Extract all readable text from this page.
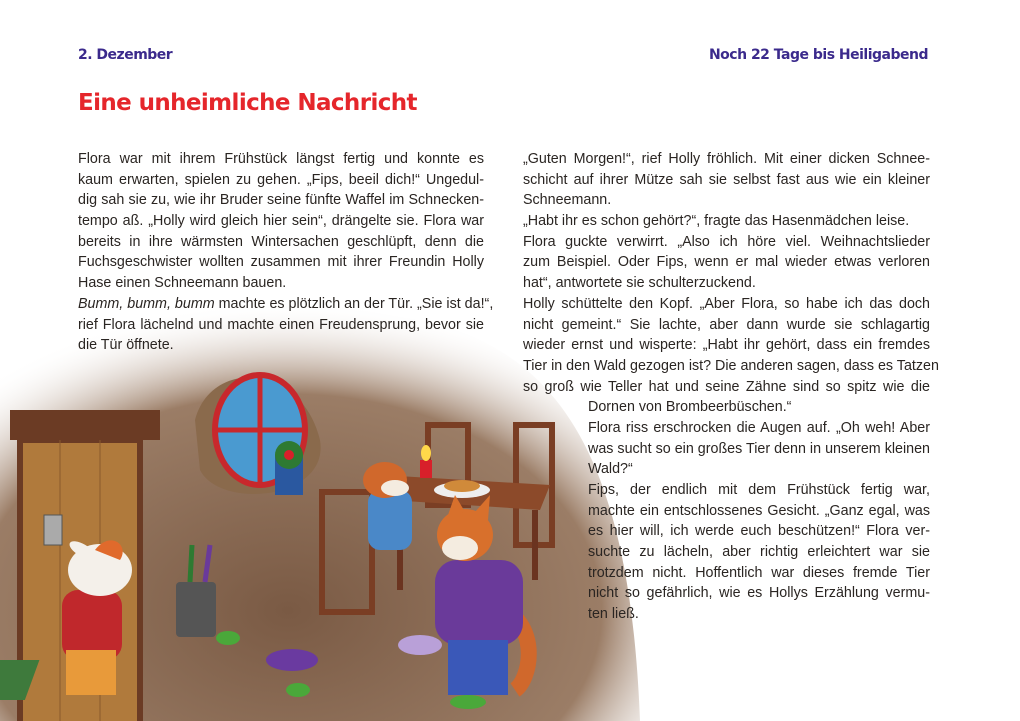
2. Dezember	Noch 22 Tage bis Heiligabend
Eine unheimliche Nachricht
Flora war mit ihrem Frühstück längst fertig und konnte es
kaum erwarten, spielen zu gehen. „Fips, beeil dich!“ Ungedul-
dig sah sie zu, wie ihr Bruder seine fünfte Waffel im Schnecken-
tempo aß. „Holly wird gleich hier sein“, drängelte sie. Flora war
bereits in ihre wärmsten Wintersachen geschlüpft, denn die
Fuchsgeschwister wollten zusammen mit ihrer Freundin Holly
Hase einen Schneemann bauen.
Bumm, bumm, bumm machte es plötzlich an der Tür. „Sie ist da!“,
rief Flora lächelnd und machte einen Freudensprung, bevor sie
die Tür öffnete.
„Guten Morgen!“, rief Holly fröhlich. Mit einer dicken Schnee-
schicht auf ihrer Mütze sah sie selbst fast aus wie ein kleiner
Schneemann.
„Habt ihr es schon gehört?“, fragte das Hasenmädchen leise.
Flora guckte verwirrt. „Also ich höre viel. Weihnachtslieder
zum Beispiel. Oder Fips, wenn er mal wieder etwas verloren
hat“, antwortete sie schulterzuckend.
Holly schüttelte den Kopf. „Aber Flora, so habe ich das doch
nicht gemeint.“ Sie lachte, aber dann wurde sie schlagartig
wieder ernst und wisperte: „Habt ihr gehört, dass ein fremdes
Tier in den Wald gezogen ist? Die anderen sagen, dass es Tatzen
so groß wie Teller hat und seine Zähne sind so spitz wie die
Dornen von Brombeerbüschen.“
Flora riss erschrocken die Augen auf. „Oh weh! Aber
was sucht so ein großes Tier denn in unserem kleinen
Wald?“
Fips, der endlich mit dem Frühstück fertig war,
machte ein entschlossenes Gesicht. „Ganz egal, was
es hier will, ich werde euch beschützen!“ Flora ver-
suchte zu lächeln, aber richtig erleichtert war sie
trotzdem nicht. Hoffentlich war dieses fremde Tier
nicht so gefährlich, wie es Hollys Erzählung vermu-
ten ließ.
